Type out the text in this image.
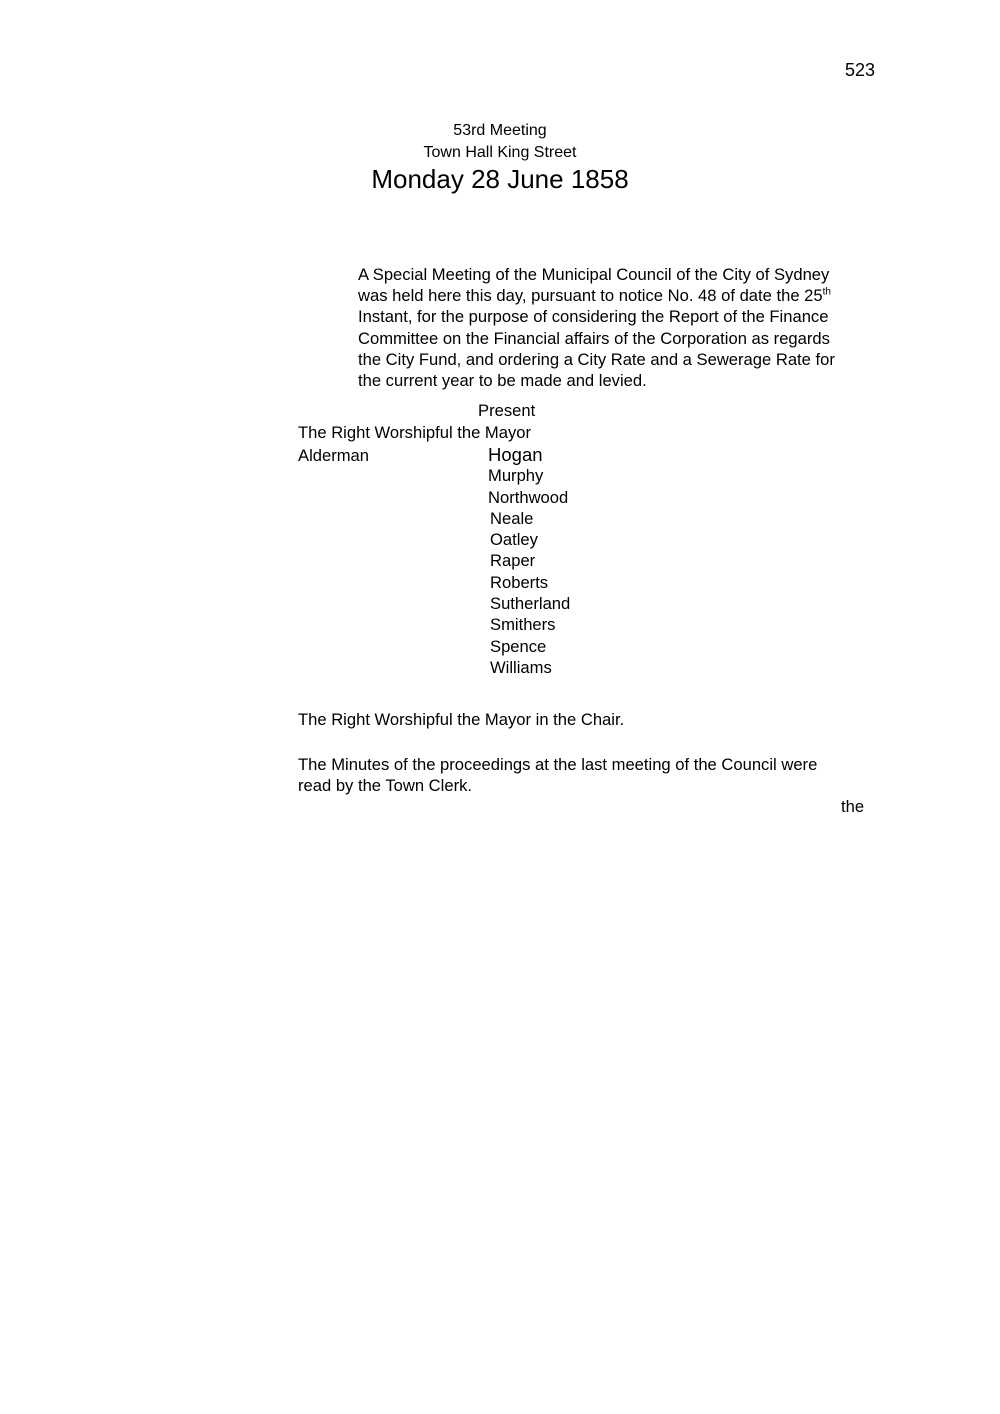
523
53rd Meeting
Town Hall King Street
Monday 28 June 1858
A Special Meeting of the Municipal Council of the City of Sydney
was held here this day, pursuant to notice No. 48 of date the 25th
Instant, for the purpose of considering the Report of the Finance
Committee on the Financial affairs of the Corporation as regards
the City Fund, and ordering a City Rate and a Sewerage Rate for
the current year to be made and levied.
Present
The Right Worshipful the Mayor
Alderman	Hogan
Murphy
Northwood
Neale
Oatley
Raper
Roberts
Sutherland
Smithers
Spence
Williams
The Right Worshipful the Mayor in the Chair.
The Minutes of the proceedings at the last meeting of the Council were
read by the Town Clerk.
the
